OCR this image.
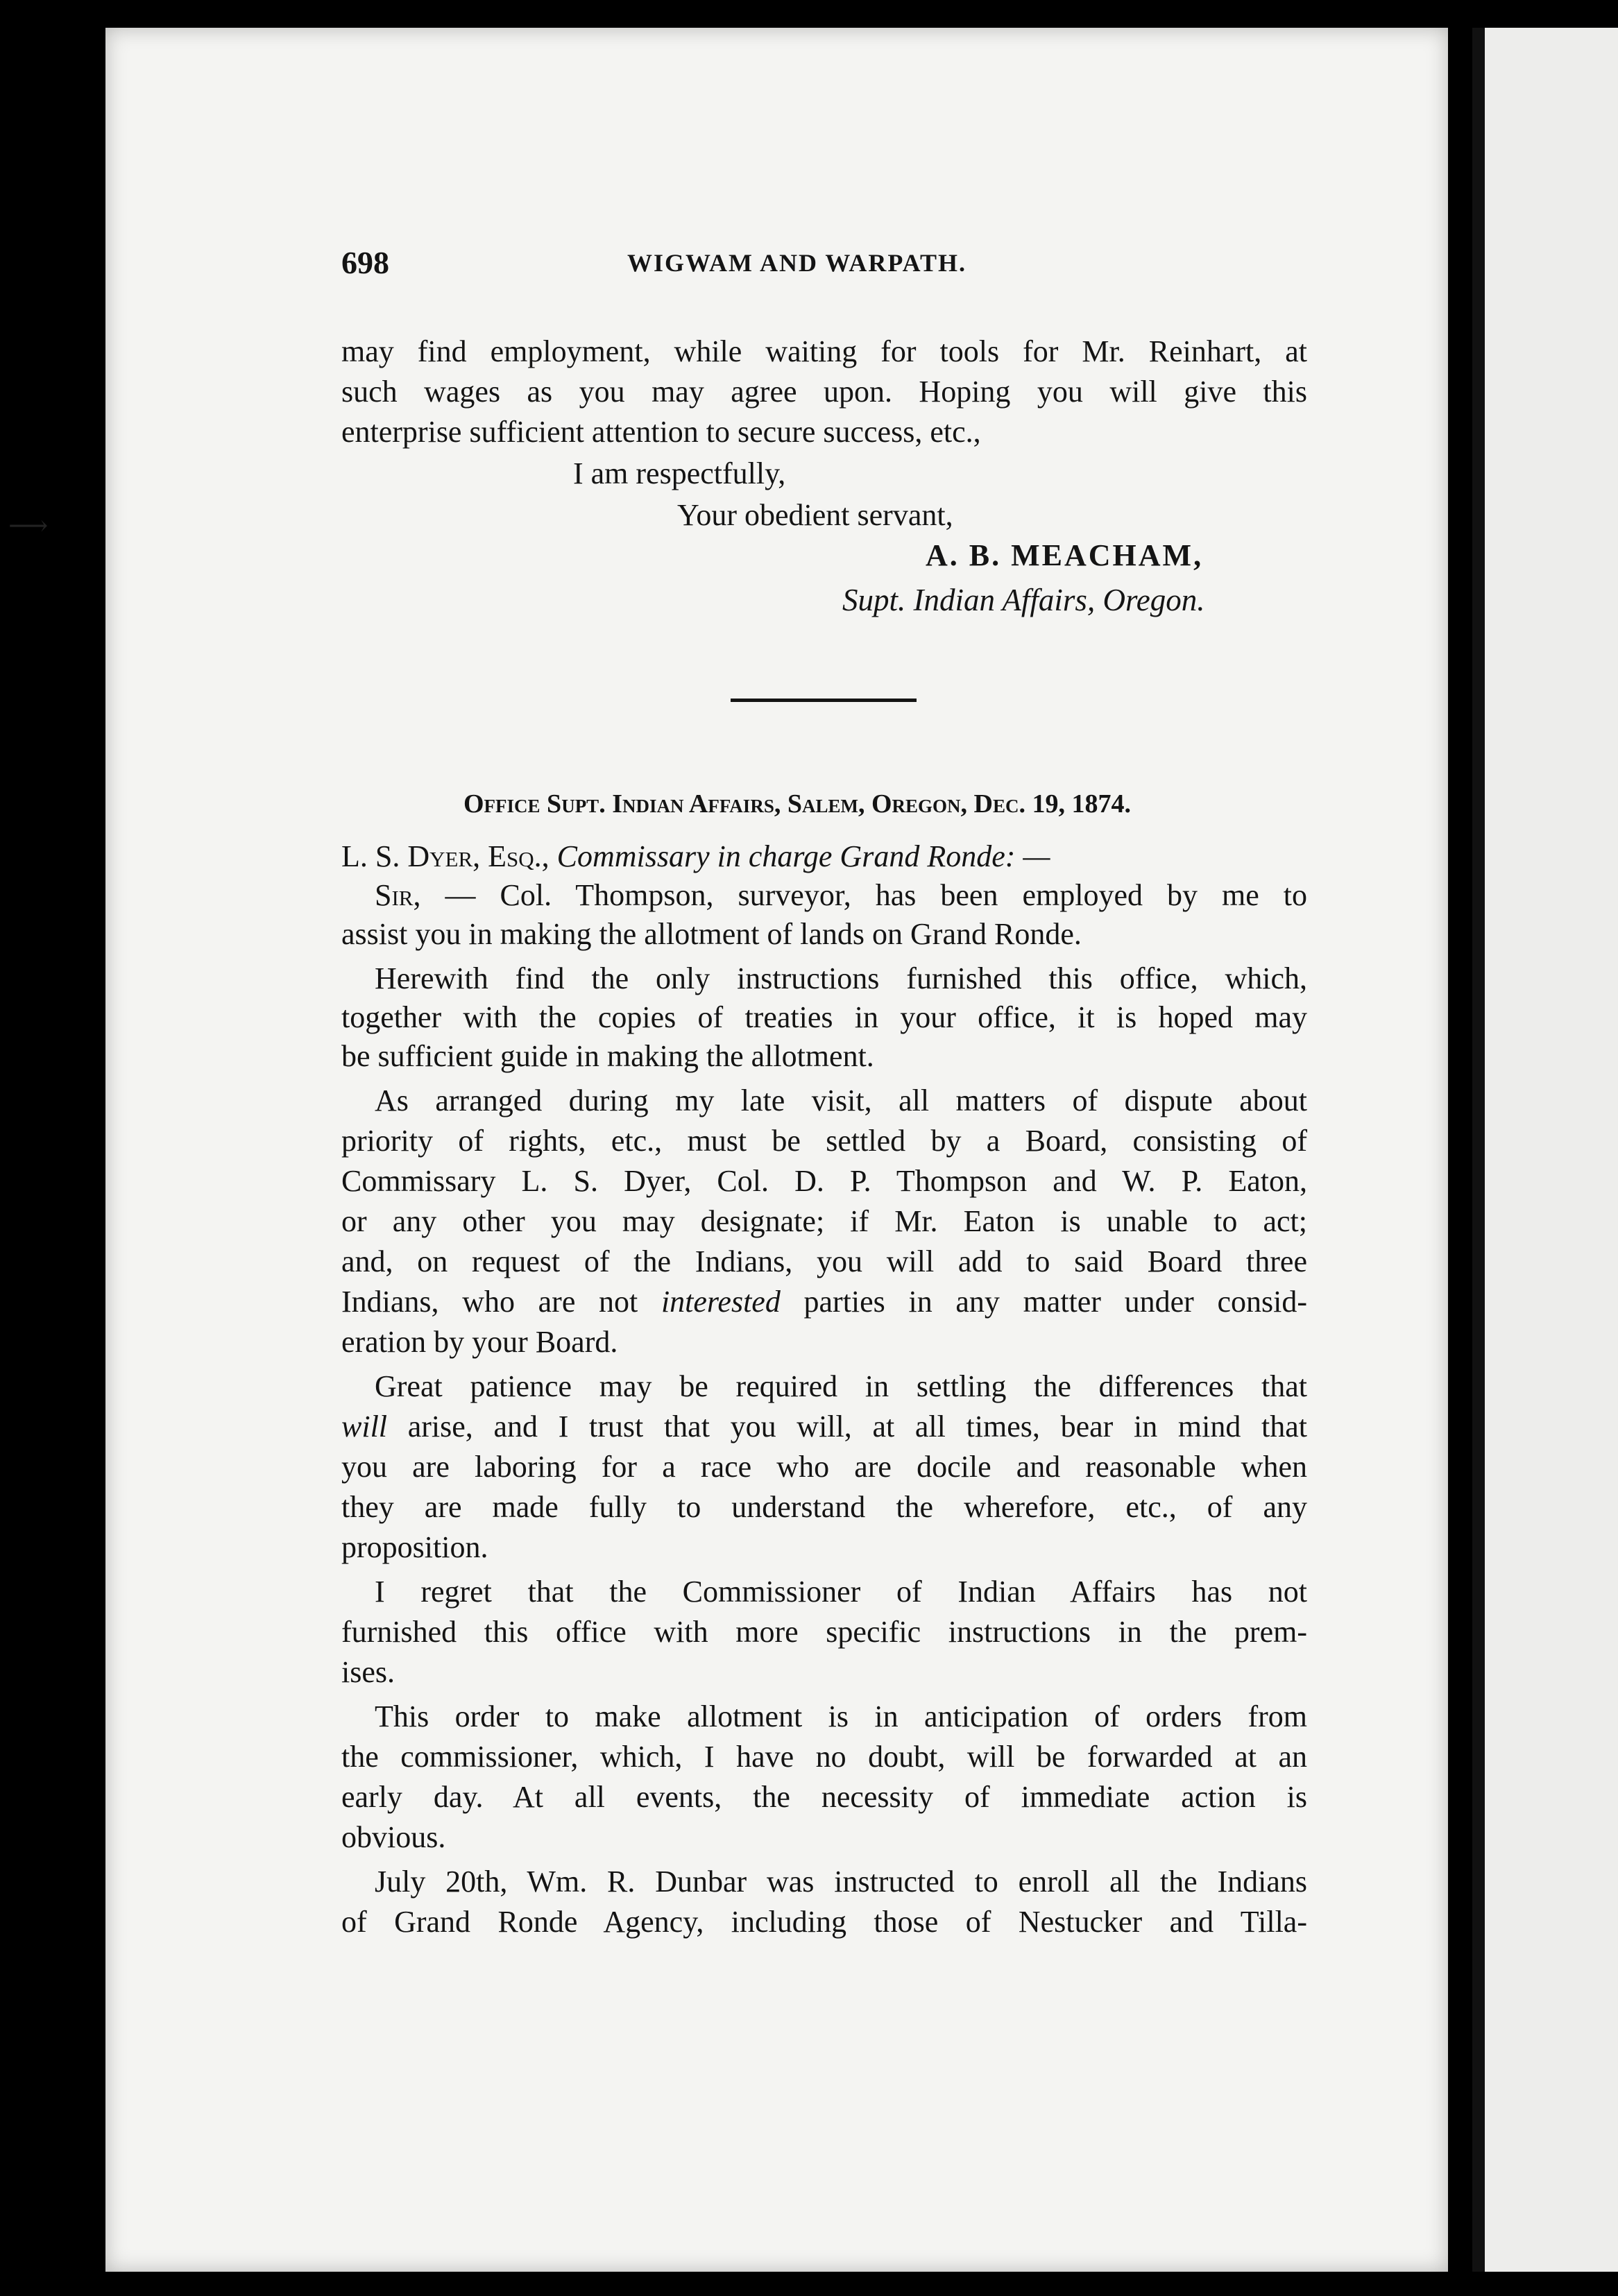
⟶
698	WIGWAM AND WARPATH.
may find employment, while waiting for tools for Mr. Reinhart, at
such wages as you may agree upon. Hoping you will give this
enterprise sufficient attention to secure success, etc.,
I am respectfully,
Your obedient servant,
A. B. MEACHAM,
Supt. Indian Affairs, Oregon.
Office Supt. Indian Affairs, Salem, Oregon, Dec. 19, 1874.
L. S. Dyer, Esq., Commissary in charge Grand Ronde: —
Sir, — Col. Thompson, surveyor, has been employed by me to
assist you in making the allotment of lands on Grand Ronde.
Herewith find the only instructions furnished this office, which,
together with the copies of treaties in your office, it is hoped may
be sufficient guide in making the allotment.
As arranged during my late visit, all matters of dispute about
priority of rights, etc., must be settled by a Board, consisting of
Commissary L. S. Dyer, Col. D. P. Thompson and W. P. Eaton,
or any other you may designate; if Mr. Eaton is unable to act;
and, on request of the Indians, you will add to said Board three
Indians, who are not interested parties in any matter under consid-
eration by your Board.
Great patience may be required in settling the differences that
will arise, and I trust that you will, at all times, bear in mind that
you are laboring for a race who are docile and reasonable when
they are made fully to understand the wherefore, etc., of any
proposition.
I regret that the Commissioner of Indian Affairs has not
furnished this office with more specific instructions in the prem-
ises.
This order to make allotment is in anticipation of orders from
the commissioner, which, I have no doubt, will be forwarded at an
early day. At all events, the necessity of immediate action is
obvious.
July 20th, Wm. R. Dunbar was instructed to enroll all the Indians
of Grand Ronde Agency, including those of Nestucker and Tilla-
